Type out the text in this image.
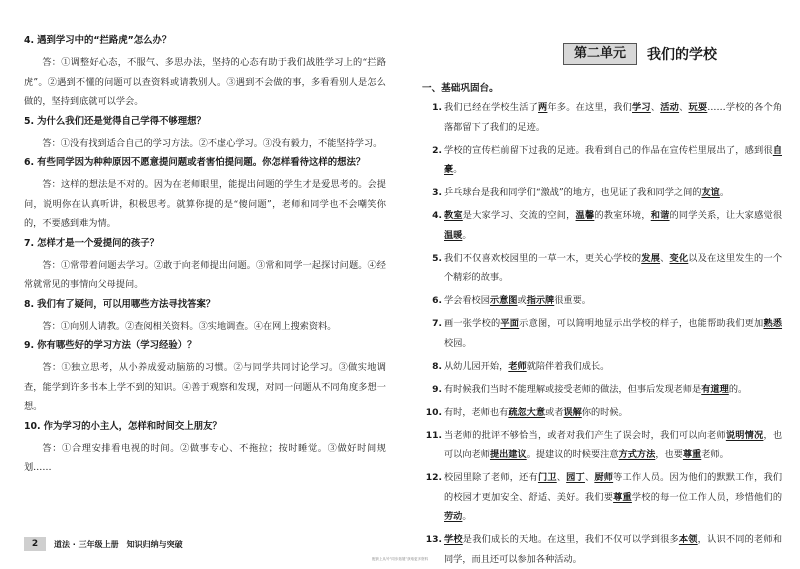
4. 遇到学习中的“拦路虎”怎么办？
答：①调整好心态，不服气、多思办法，坚持的心态有助于我们战胜学习上的“拦路虎”。②遇到不懂的问题可以查资料或请教别人。③遇到不会做的事，多看看别人是怎么做的，坚持到底就可以学会。
5. 为什么我们还是觉得自己学得不够理想？
答：①没有找到适合自己的学习方法。②不虚心学习。③没有毅力，不能坚持学习。
6. 有些同学因为种种原因不愿意提问题或者害怕提问题。你怎样看待这样的想法？
答：这样的想法是不对的。因为在老师眼里，能提出问题的学生才是爱思考的。会提问，说明你在认真听讲，积极思考。就算你提的是“傻问题”，老师和同学也不会嘲笑你的，不要感到难为情。
7. 怎样才是一个爱提问的孩子？
答：①常带着问题去学习。②敢于向老师提出问题。③常和同学一起探讨问题。④经常就常见的事情向父母提问。
8. 我们有了疑问，可以用哪些方法寻找答案？
答：①向别人请教。②查阅相关资料。③实地调查。④在网上搜索资料。
9. 你有哪些好的学习方法（学习经验）？
答：①独立思考，从小养成爱动脑筋的习惯。②与同学共同讨论学习。③做实地调查，能学到许多书本上学不到的知识。④善于观察和发现，对同一问题从不同角度多想一想。
10. 作为学习的小主人，怎样和时间交上朋友？
答：①合理安排看电视的时间。②做事专心、不拖拉；按时睡觉。③做好时间规划……
第二单元	我们的学校
一、基础巩固台。
1. 我们已经在学校生活了两年多。在这里，我们学习、活动、玩耍……学校的各个角落都留下了我们的足迹。
2. 学校的宣传栏前留下过我的足迹。我看到自己的作品在宣传栏里展出了，感到很自豪。
3. 乒乓球台是我和同学们“激战”的地方，也见证了我和同学之间的友谊。
4. 教室是大家学习、交流的空间，温馨的教室环境，和谐的同学关系，让大家感觉很温暖。
5. 我们不仅喜欢校园里的一草一木，更关心学校的发展、变化以及在这里发生的一个个精彩的故事。
6. 学会看校园示意图或指示牌很重要。
7. 画一张学校的平面示意图，可以简明地显示出学校的样子，也能帮助我们更加熟悉校园。
8. 从幼儿园开始，老师就陪伴着我们成长。
9. 有时候我们当时不能理解或接受老师的做法，但事后发现老师是有道理的。
10. 有时，老师也有疏忽大意或者误解你的时候。
11. 当老师的批评不够恰当，或者对我们产生了误会时，我们可以向老师说明情况，也可以向老师提出建议。提建议的时候要注意方式方法，也要尊重老师。
12. 校园里除了老师，还有门卫、园丁、厨师等工作人员。因为他们的默默工作，我们的校园才更加安全、舒适、美好。我们要尊重学校的每一位工作人员，珍惜他们的劳动。
13. 学校是我们成长的天地。在这里，我们不仅可以学到很多本领，认识不同的老师和同学，而且还可以参加各种活动。
2	道法 · 三年级上册　知识归纳与突破
配套上从号“同步拓展”获取更多资料
